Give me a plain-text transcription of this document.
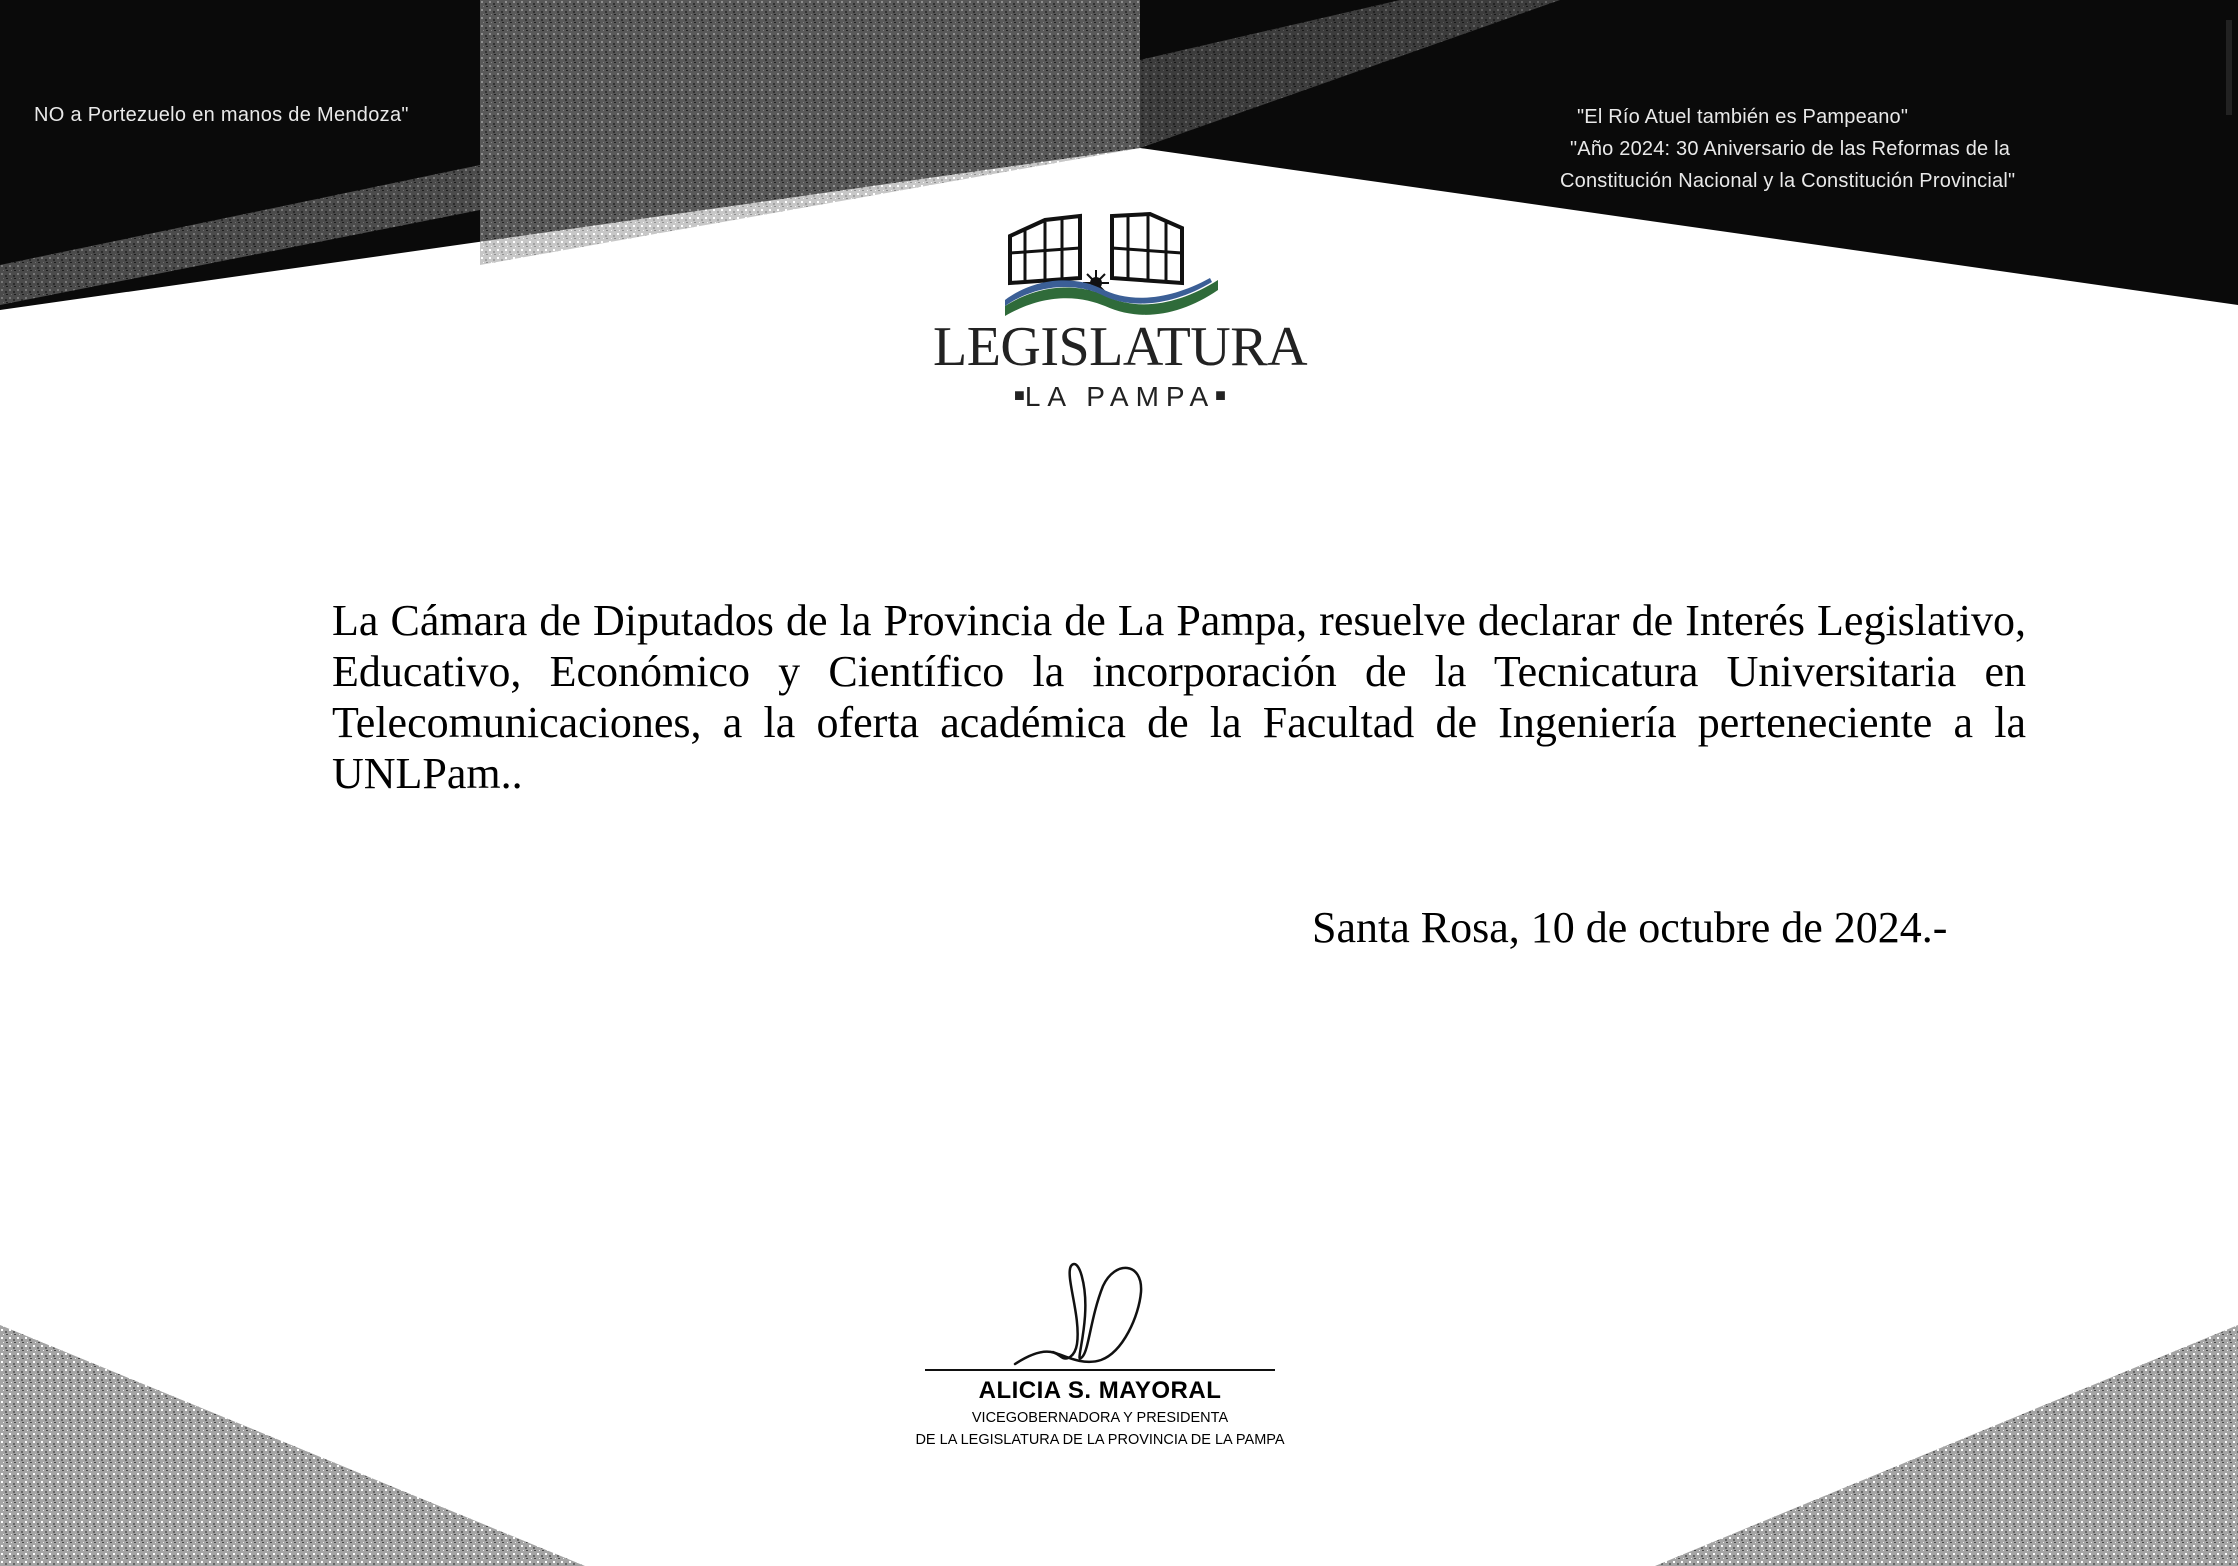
NO a Portezuelo en manos de Mendoza"	"El Río Atuel también es Pampeano"
"Año 2024: 30 Aniversario de las Reformas de la
Constitución Nacional y la Constitución Provincial"
LEGISLATURA
■LA PAMPA■
La Cámara de Diputados de la Provincia de La Pampa, resuelve declarar de Interés Legislativo, Educativo, Económico y Científico la incorporación de la Tecnicatura Universitaria en Telecomunicaciones, a la oferta académica de la Facultad de Ingeniería perteneciente a la UNLPam..
Santa Rosa, 10 de octubre de 2024.-
ALICIA S. MAYORAL
VICEGOBERNADORA Y PRESIDENTA
DE LA LEGISLATURA DE LA PROVINCIA DE LA PAMPA
